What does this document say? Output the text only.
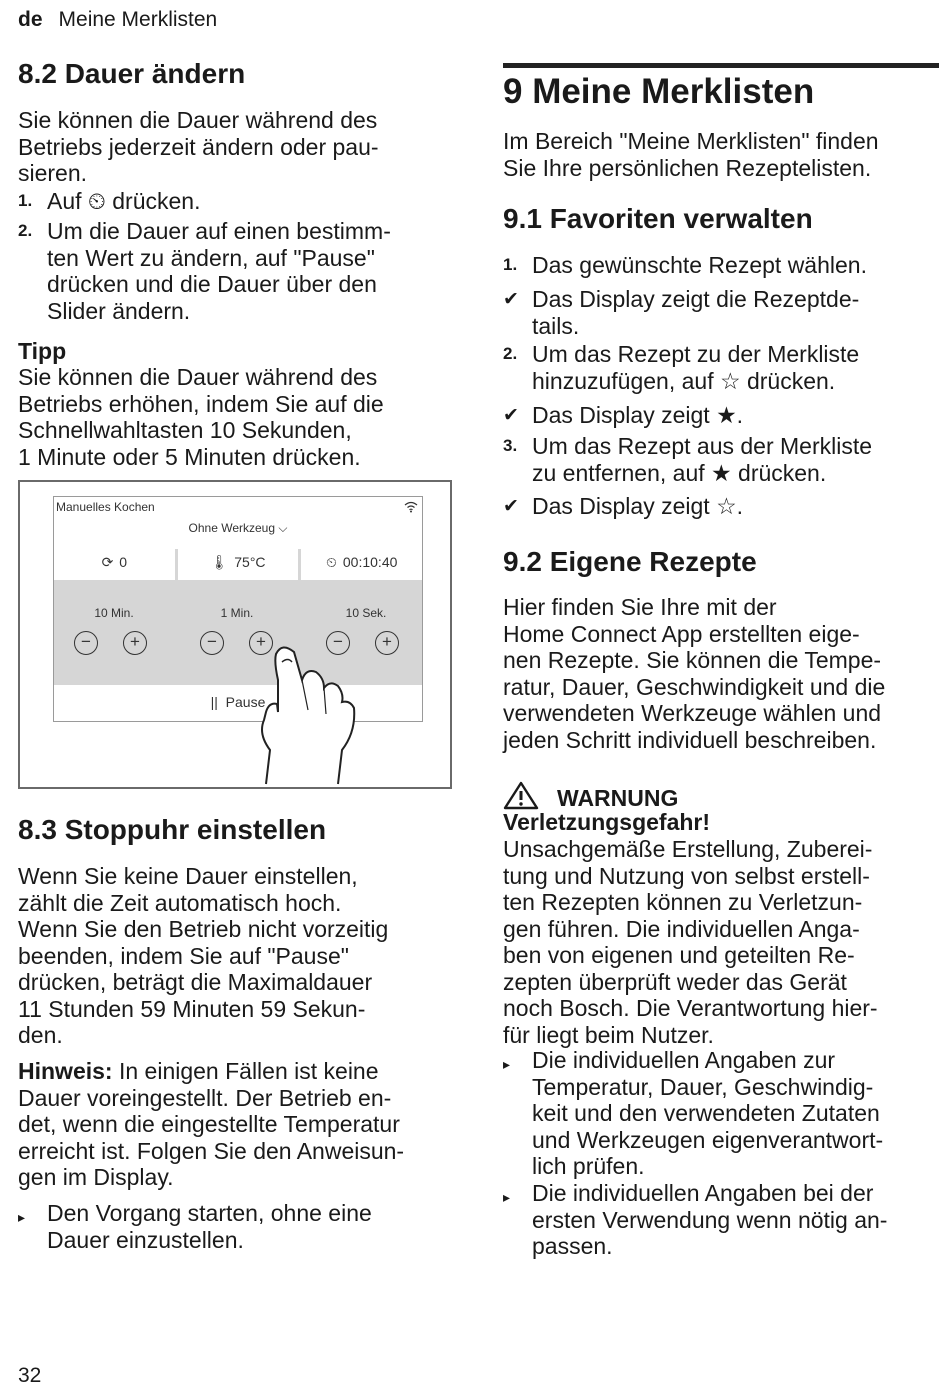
de Meine Merklisten
8.2 Dauer ändern
Sie können die Dauer während des
Betriebs jederzeit ändern oder pau-
sieren.
1. Auf ⏲ drücken.
2. Um die Dauer auf einen bestimm-
ten Wert zu ändern, auf "Pause"
drücken und die Dauer über den
Slider ändern.
Tipp
Sie können die Dauer während des
Betriebs erhöhen, indem Sie auf die
Schnellwahltasten 10 Sekunden,
1 Minute oder 5 Minuten drücken.
Manuelles Kochen
Ohne Werkzeug ⌵
⟳ 0	🌡 75°C	⏲ 00:10:40
10 Min.	1 Min.	10 Sek.
−	+	−	+	−	+
|| Pause
8.3 Stoppuhr einstellen
Wenn Sie keine Dauer einstellen,
zählt die Zeit automatisch hoch.
Wenn Sie den Betrieb nicht vorzeitig
beenden, indem Sie auf "Pause"
drücken, beträgt die Maximaldauer
11 Stunden 59 Minuten 59 Sekun-
den.
Hinweis: In einigen Fällen ist keine
Dauer voreingestellt. Der Betrieb en-
det, wenn die eingestellte Temperatur
erreicht ist. Folgen Sie den Anweisun-
gen im Display.
▸ Den Vorgang starten, ohne eine
Dauer einzustellen.
9 Meine Merklisten
Im Bereich "Meine Merklisten" finden
Sie Ihre persönlichen Rezeptelisten.
9.1 Favoriten verwalten
1. Das gewünschte Rezept wählen.
✔ Das Display zeigt die Rezeptde-
tails.
2. Um das Rezept zu der Merkliste
hinzuzufügen, auf ☆ drücken.
✔ Das Display zeigt ★.
3. Um das Rezept aus der Merkliste
zu entfernen, auf ★ drücken.
✔ Das Display zeigt ☆.
9.2 Eigene Rezepte
Hier finden Sie Ihre mit der
Home Connect App erstellten eige-
nen Rezepte. Sie können die Tempe-
ratur, Dauer, Geschwindigkeit und die
verwendeten Werkzeuge wählen und
jeden Schritt individuell beschreiben.
WARNUNG
Verletzungsgefahr!
Unsachgemäße Erstellung, Zuberei-
tung und Nutzung von selbst erstell-
ten Rezepten können zu Verletzun-
gen führen. Die individuellen Anga-
ben von eigenen und geteilten Re-
zepten überprüft weder das Gerät
noch Bosch. Die Verantwortung hier-
für liegt beim Nutzer.
▸ Die individuellen Angaben zur
Temperatur, Dauer, Geschwindig-
keit und den verwendeten Zutaten
und Werkzeugen eigenverantwort-
lich prüfen.
▸ Die individuellen Angaben bei der
ersten Verwendung wenn nötig an-
passen.
32
